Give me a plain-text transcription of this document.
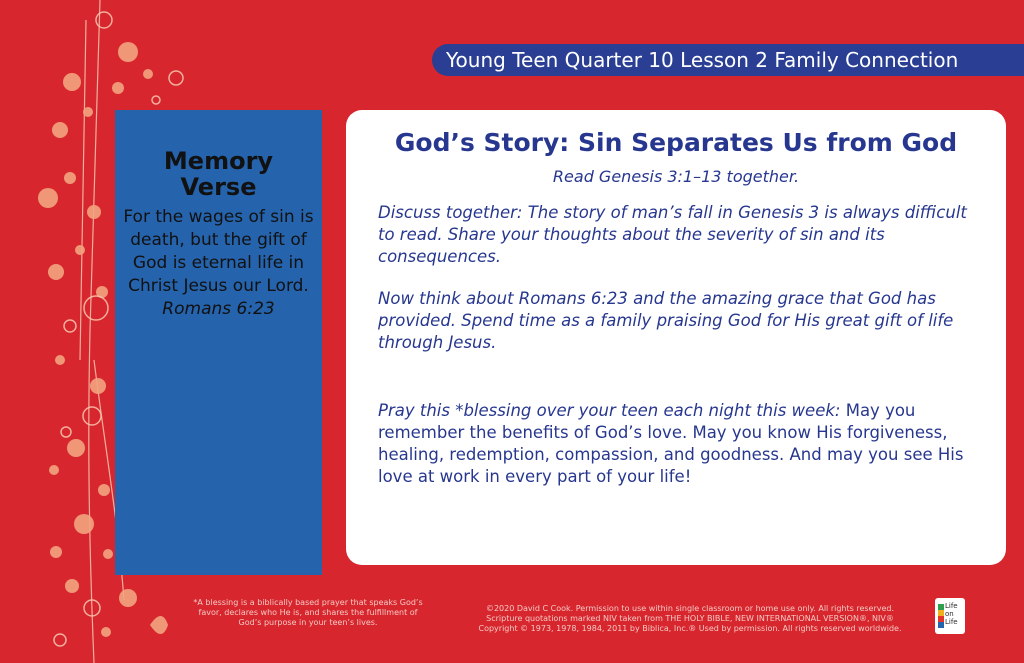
Young Teen Quarter 10 Lesson 2 Family Connection
Memory
Verse
For the wages of sin is death, but the gift of God is eternal life in Christ Jesus our Lord.
Romans 6:23
God’s Story: Sin Separates Us from God
Read Genesis 3:1–13 together.
Discuss together: The story of man’s fall in Genesis 3 is always difficult to read. Share your thoughts about the severity of sin and its consequences.
Now think about Romans 6:23 and the amazing grace that God has provided. Spend time as a family praising God for His great gift of life through Jesus.
Pray this *blessing over your teen each night this week: May you remember the benefits of God’s love. May you know His forgiveness, healing, redemption, compassion, and goodness. And may you see His love at work in every part of your life!
*A blessing is a biblically based prayer that speaks God’s favor, declares who He is, and shares the fulfillment of God’s purpose in your teen’s lives.
©2020 David C Cook. Permission to use within single classroom or home use only. All rights reserved.
Scripture quotations marked NIV taken from THE HOLY BIBLE, NEW INTERNATIONAL VERSION®, NIV®
Copyright © 1973, 1978, 1984, 2011 by Biblica, Inc.® Used by permission. All rights reserved worldwide.
Life
on
Life
